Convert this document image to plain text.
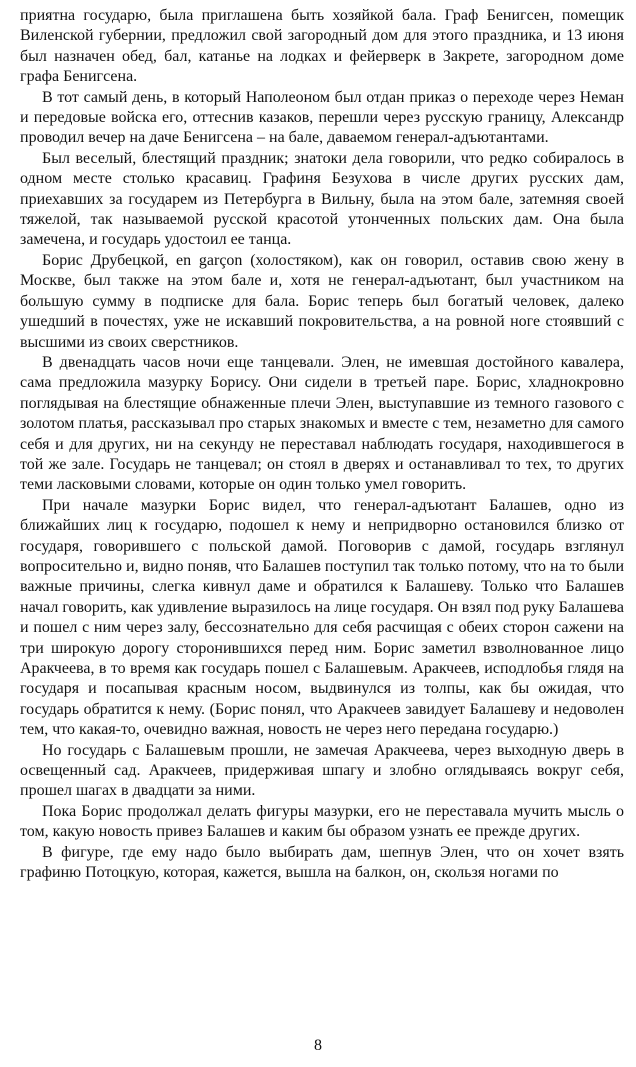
приятна государю, была приглашена быть хозяйкой бала. Граф Бенигсен, помещик Виленской губернии, предложил свой загородный дом для этого праздника, и 13 июня был назначен обед, бал, катанье на лодках и фейерверк в Закрете, загородном доме графа Бенигсена.

В тот самый день, в который Наполеоном был отдан приказ о переходе через Неман и передовые войска его, оттеснив казаков, перешли через русскую границу, Александр проводил вечер на даче Бенигсена – на бале, даваемом генерал-адъютантами.

Был веселый, блестящий праздник; знатоки дела говорили, что редко собиралось в одном месте столько красавиц. Графиня Безухова в числе других русских дам, приехавших за государем из Петербурга в Вильну, была на этом бале, затемняя своей тяжелой, так называемой русской красотой утонченных польских дам. Она была замечена, и государь удостоил ее танца.

Борис Друбецкой, en garçon (холостяком), как он говорил, оставив свою жену в Москве, был также на этом бале и, хотя не генерал-адъютант, был участником на большую сумму в подписке для бала. Борис теперь был богатый человек, далеко ушедший в почестях, уже не искавший покровительства, а на ровной ноге стоявший с высшими из своих сверстников.

В двенадцать часов ночи еще танцевали. Элен, не имевшая достойного кавалера, сама предложила мазурку Борису. Они сидели в третьей паре. Борис, хладнокровно поглядывая на блестящие обнаженные плечи Элен, выступавшие из темного газового с золотом платья, рассказывал про старых знакомых и вместе с тем, незаметно для самого себя и для других, ни на секунду не переставал наблюдать государя, находившегося в той же зале. Государь не танцевал; он стоял в дверях и останавливал то тех, то других теми ласковыми словами, которые он один только умел говорить.

При начале мазурки Борис видел, что генерал-адъютант Балашев, одно из ближайших лиц к государю, подошел к нему и непридворно остановился близко от государя, говорившего с польской дамой. Поговорив с дамой, государь взглянул вопросительно и, видно поняв, что Балашев поступил так только потому, что на то были важные причины, слегка кивнул даме и обратился к Балашеву. Только что Балашев начал говорить, как удивление выразилось на лице государя. Он взял под руку Балашева и пошел с ним через залу, бессознательно для себя расчищая с обеих сторон сажени на три широкую дорогу сторонившихся перед ним. Борис заметил взволнованное лицо Аракчеева, в то время как государь пошел с Балашевым. Аракчеев, исподлобья глядя на государя и посапывая красным носом, выдвинулся из толпы, как бы ожидая, что государь обратится к нему. (Борис понял, что Аракчеев завидует Балашеву и недоволен тем, что какая-то, очевидно важная, новость не через него передана государю.)

Но государь с Балашевым прошли, не замечая Аракчеева, через выходную дверь в освещенный сад. Аракчеев, придерживая шпагу и злобно оглядываясь вокруг себя, прошел шагах в двадцати за ними.

Пока Борис продолжал делать фигуры мазурки, его не переставала мучить мысль о том, какую новость привез Балашев и каким бы образом узнать ее прежде других.

В фигуре, где ему надо было выбирать дам, шепнув Элен, что он хочет взять графиню Потоцкую, которая, кажется, вышла на балкон, он, скользя ногами по

8
